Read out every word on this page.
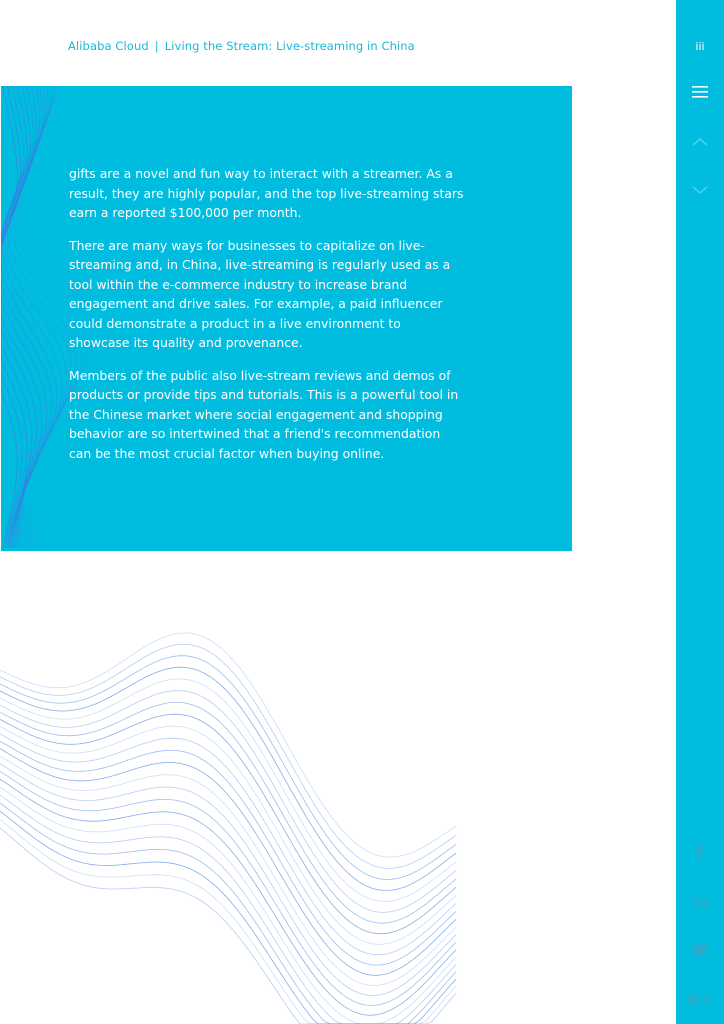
Alibaba Cloud | Living the Stream: Live-streaming in China

gifts are a novel and fun way to interact with a streamer. As a result, they are highly popular, and the top live-streaming stars earn a reported $100,000 per month.

There are many ways for businesses to capitalize on live-streaming and, in China, live-streaming is regularly used as a tool within the e-commerce industry to increase brand engagement and drive sales. For example, a paid influencer could demonstrate a product in a live environment to showcase its quality and provenance.

Members of the public also live-stream reviews and demos of products or provide tips and tutorials. This is a powerful tool in the Chinese market where social engagement and shopping behavior are so intertwined that a friend's recommendation can be the most crucial factor when buying online.

iii
f
in
G+
